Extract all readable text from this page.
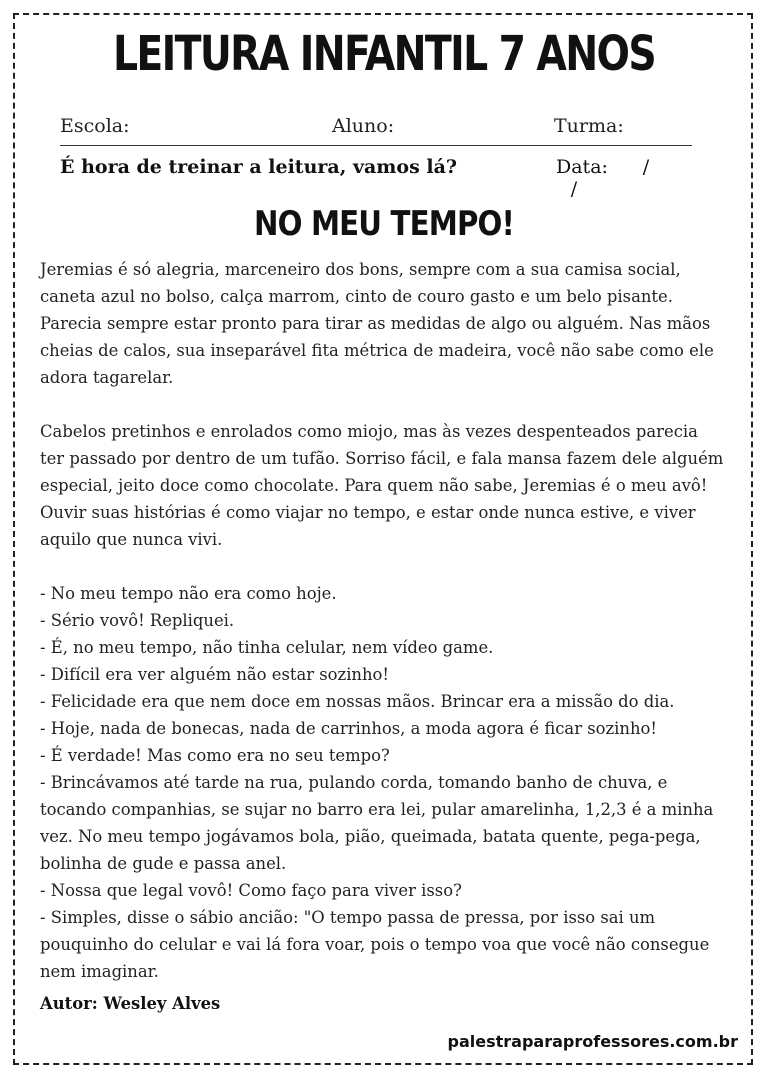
LEITURA INFANTIL 7 ANOS
Escola:	Aluno:	Turma:
É hora de treinar a leitura, vamos lá?	Data: / /
NO MEU TEMPO!

Jeremias é só alegria, marceneiro dos bons, sempre com a sua camisa social,

caneta azul no bolso, calça marrom, cinto de couro gasto e um belo pisante.

Parecia sempre estar pronto para tirar as medidas de algo ou alguém. Nas mãos

cheias de calos, sua inseparável fita métrica de madeira, você não sabe como ele

adora tagarelar.

Cabelos pretinhos e enrolados como miojo, mas às vezes despenteados parecia

ter passado por dentro de um tufão. Sorriso fácil, e fala mansa fazem dele alguém

especial, jeito doce como chocolate. Para quem não sabe, Jeremias é o meu avô!

Ouvir suas histórias é como viajar no tempo, e estar onde nunca estive, e viver

aquilo que nunca vivi.

- No meu tempo não era como hoje.

- Sério vovô! Repliquei.

- É, no meu tempo, não tinha celular, nem vídeo game.

- Difícil era ver alguém não estar sozinho!

- Felicidade era que nem doce em nossas mãos. Brincar era a missão do dia.

- Hoje, nada de bonecas, nada de carrinhos, a moda agora é ficar sozinho!

- É verdade! Mas como era no seu tempo?

- Brincávamos até tarde na rua, pulando corda, tomando banho de chuva, e

tocando companhias, se sujar no barro era lei, pular amarelinha, 1,2,3 é a minha

vez. No meu tempo jogávamos bola, pião, queimada, batata quente, pega-pega,

bolinha de gude e passa anel.

- Nossa que legal vovô! Como faço para viver isso?

- Simples, disse o sábio ancião: "O tempo passa de pressa, por isso sai um

pouquinho do celular e vai lá fora voar, pois o tempo voa que você não consegue

nem imaginar.

Autor: Wesley Alves
palestraparaprofessores.com.br
